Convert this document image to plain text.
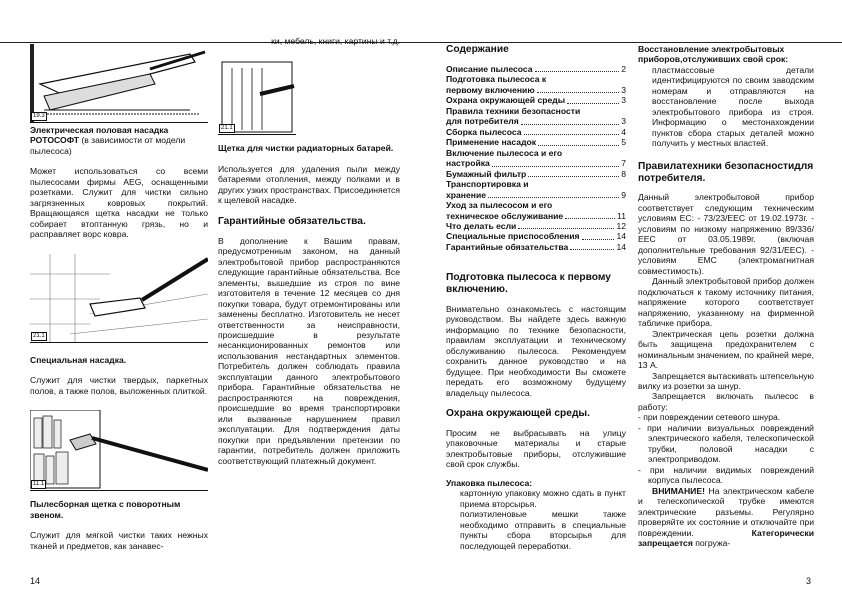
19.3

Электрическая половая насадка РОТОСОФТ (в зависимости от модели пылесоса)

Может использоваться со всеми пылесосами фирмы AEG, оснащенными розетками. Служит для чистки сильно загрязненных ковровых покрытий. Вращающаяся щетка насадки не только собирает втоптанную грязь, но и расправляет ворс ковра.

21.1

Специальная насадка.

Служит для чистки твердых, паркетных полов, а также полов, выложенных плиткой.

11.1

Пылесборная щетка с поворотным звеном.

Служит для мягкой чистки таких нежных тканей и предметов, как занавес-

ки, мебель, книги, картины и т.д.

21.1

Щетка для чистки радиаторных батарей.

Используется для удаления пыли между батареями отопления, между полками и в других узких пространствах. Присоединяется к щелевой насадке.

Гарантийные обязательства.

В дополнение к Вашим правам, предусмотренным законом, на данный электробытовой прибор распространяются следующие гарантийные обязательства. Все элементы, вышедшие из строя по вине изготовителя в течение 12 месяцев со дня покупки товара, будут отремонтированы или заменены бесплатно. Изготовитель не несет ответственности за неисправности, происшедшие в результате несанкционированных ремонтов или использования нестандартных элементов. Потребитель должен соблюдать правила эксплуатации данного электробытового прибора. Гарантийные обязательства не распространяются на повреждения, происшедшие во время транспортировки или вызванные нарушением правил эксплуатации. Для подтверждения даты покупки при предъявлении претензии по гарантии, потребитель должен приложить соответствующий платежный документ.

14

Содержание

Описание пылесоса	2
Подготовка пылесоса к
первому включению	3
Охрана окружающей среды	3
Правила техники безопасности
для потребителя	3
Сборка пылесоса	4
Применение насадок	5
Включение пылесоса и его
настройка	7
Бумажный фильтр	8
Транспортировка и
хранение	9
Уход за пылесосом и его
техническое обслуживание	11
Что делать если	12
Специальные приспособления	14
Гарантийные обязательства	14

Подготовка пылесоса к первому включению.

Внимательно ознакомьтесь с настоящим руководством. Вы найдете здесь важную информацию по технике безопасности, правилам эксплуатации и техническому обслуживанию пылесоса. Рекомендуем сохранить данное руководство и на будущее. При необходимости Вы сможете передать его возможному будущему владельцу пылесоса.

Охрана окружающей среды.

Просим не выбрасывать на улицу упаковочные материалы и старые электробытовые приборы, отслужившие свой срок службы.

Упаковка пылесоса:

картонную упаковку можно сдать в пункт приема вторсырья.

полиэтиленовые мешки также необходимо отправить в специальные пункты сбора вторсырья для последующей переработки.

Восстановление электробытовых приборов,отслуживших свой срок:

пластмассовые детали идентифицируются по своим заводским номерам и отправляются на восстановление после выхода электробытового прибора из строя. Информацию о местонахождении пунктов сбора старых деталей можно получить у местных властей.

Правилатехники безопасностидля потребителя.

Данный электробытовой прибор соответствует следующим техническим условиям ЕС: - 73/23/ЕЕС от 19.02.1973г. - условиям по низкому напряжению 89/336/ЕЕС от 03.05.1989г. (включая дополнительные требования 92/31/ЕЕС). - условиям ЕМС (электромагнитная совместимость).

Данный электробытовой прибор должен подключаться к такому источнику питания, напряжение которого соответствует напряжению, указанному на фирменной табличке прибора.

Электрическая цепь розетки должна быть защищена предохранителем с номинальным значением, по крайней мере, 13 А.

Запрещается вытаскивать штепсельную вилку из розетки за шнур.

Запрещается включать пылесос в работу:

- при повреждении сетевого шнура.

- при наличии визуальных повреждений электрического кабеля, телескопической трубки, половой насадки с электроприводом.

- при наличии видимых повреждений корпуса пылесоса.

ВНИМАНИЕ! На электрическом кабеле и телескопической трубке имеются электрические разъемы. Регулярно проверяйте их состояние и отключайте при повреждении. Категорически запрещается погружа-

3
